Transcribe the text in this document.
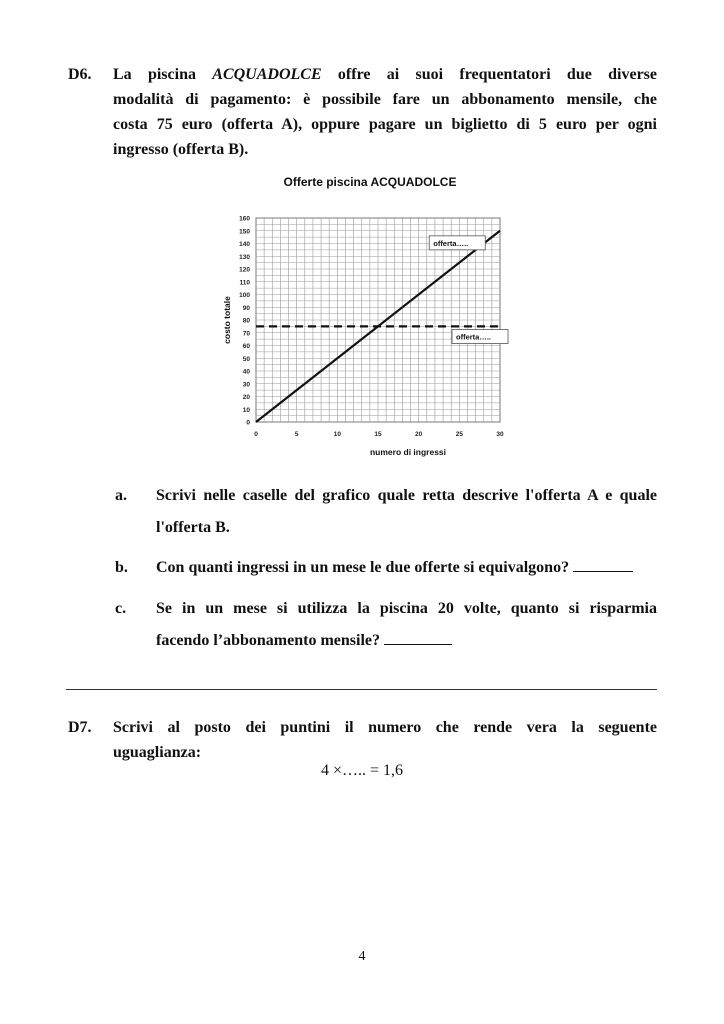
D6. La piscina ACQUADOLCE offre ai suoi frequentatori due diverse
modalità di pagamento: è possibile fare un abbonamento mensile, che
costa 75 euro (offerta A), oppure pagare un biglietto di 5 euro per ogni
ingresso (offerta B).
Offerte piscina ACQUADOLCE
0
10
20
30
40
50
60
70
80
90
100
110
120
130
140
150
160
0	5	10	15	20	25	30
numero di ingressi
costo totale
offerta…..
offerta…..
a. Scrivi nelle caselle del grafico quale retta descrive l'offerta A e quale
l'offerta B.
b. Con quanti ingressi in un mese le due offerte si equivalgono?
c. Se in un mese si utilizza la piscina 20 volte, quanto si risparmia
facendo l’abbonamento mensile?
D7. Scrivi al posto dei puntini il numero che rende vera la seguente
uguaglianza:
4 ×….. = 1,6
4
